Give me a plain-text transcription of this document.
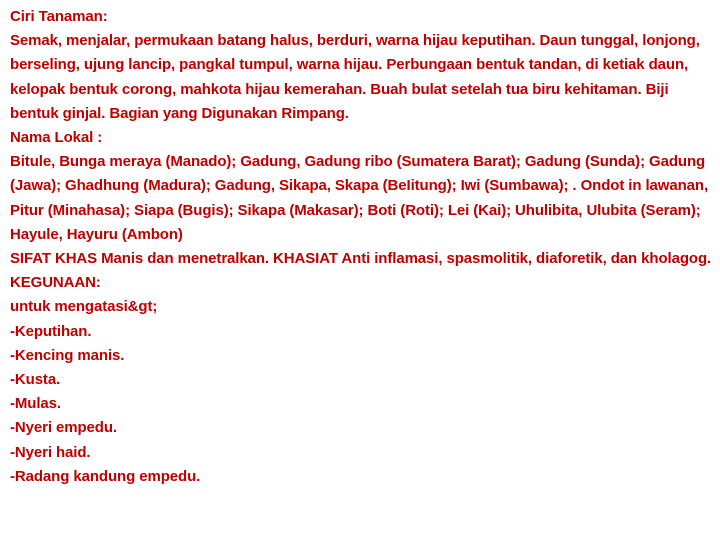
Ciri Tanaman:

Semak, menjalar, permukaan batang halus, berduri, warna hijau keputihan. Daun tunggal, lonjong, berseling, ujung lancip, pangkal tumpul, warna hijau. Perbungaan bentuk tandan, di ketiak daun, kelopak bentuk corong, mahkota hijau kemerahan. Buah bulat setelah tua biru kehitaman. Biji bentuk ginjal. Bagian yang Digunakan Rimpang.

Nama Lokal :

Bitule, Bunga meraya (Manado); Gadung, Gadung ribo (Sumatera Barat); Gadung (Sunda); Gadung (Jawa); Ghadhung (Madura); Gadung, Sikapa, Skapa (BeIitung); Iwi (Sumbawa); . Ondot in lawanan, Pitur (Minahasa); Siapa (Bugis); Sikapa (Makasar); Boti (Roti); Lei (Kai); Uhulibita, Ulubita (Seram); Hayule, Hayuru (Ambon)

SIFAT KHAS Manis dan menetralkan. KHASIAT Anti inflamasi, spasmolitik, diaforetik, dan kholagog.

KEGUNAAN:

untuk mengatasi&gt;

-Keputihan.

-Kencing manis.

-Kusta.

-Mulas.

-Nyeri empedu.

-Nyeri haid.

-Radang kandung empedu.
